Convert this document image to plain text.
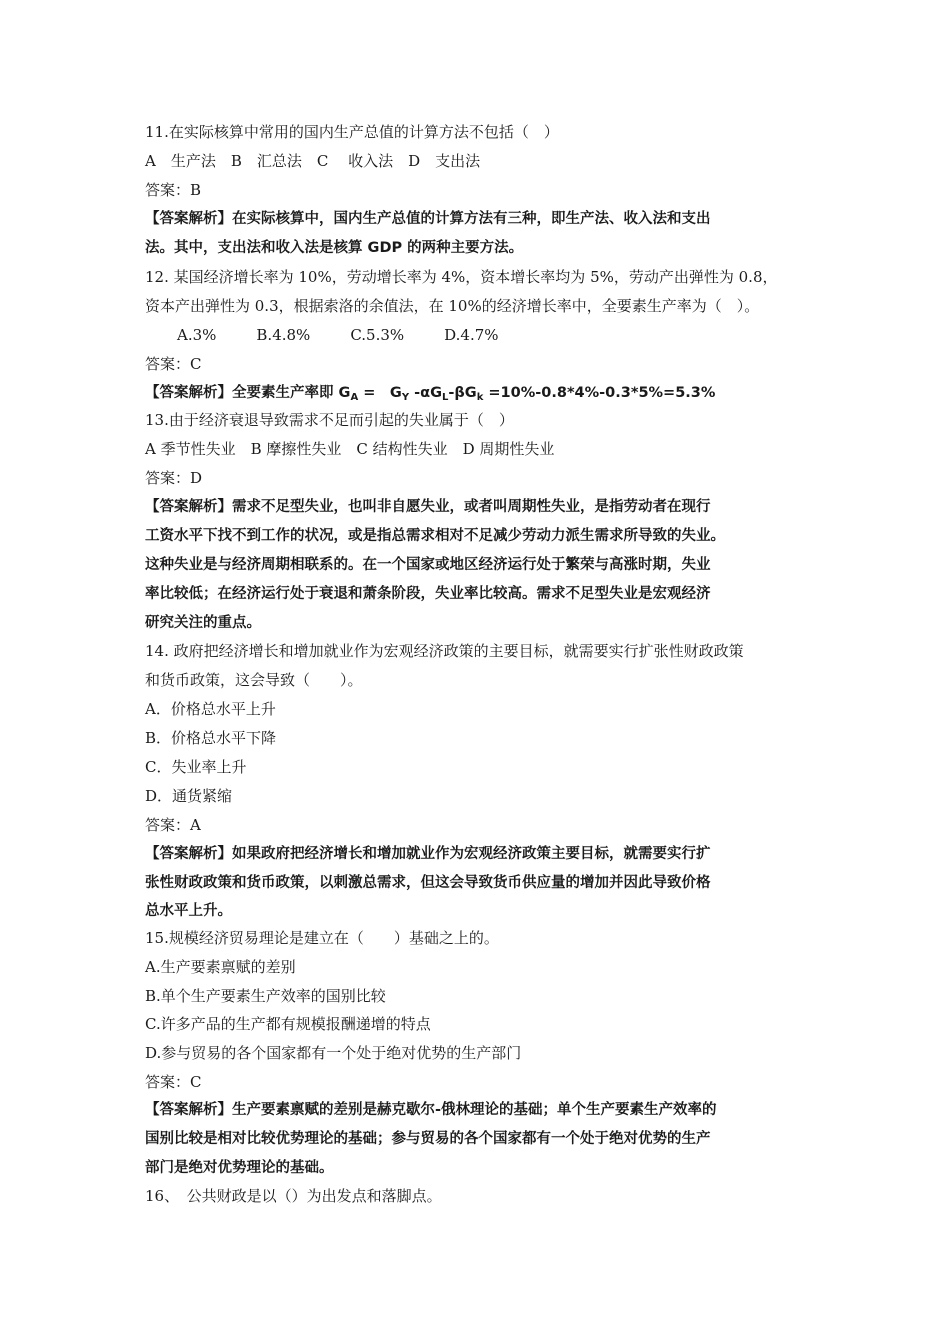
11.在实际核算中常用的国内生产总值的计算方法不包括（　）
A　生产法　B　汇总法　C　 收入法　D　支出法
答案：B
【答案解析】在实际核算中，国内生产总值的计算方法有三种，即生产法、收入法和支出
法。其中，支出法和收入法是核算 GDP 的两种主要方法。
12. 某国经济增长率为 10%，劳动增长率为 4%，资本增长率均为 5%，劳动产出弹性为 0.8，
资本产出弹性为 0.3，根据索洛的余值法，在 10%的经济增长率中，全要素生产率为（　）。
A.3%	B.4.8%	C.5.3%	D.4.7%
答案：C
【答案解析】全要素生产率即 $G_A$ =　$G_Y$ $-\alpha G_L-\beta G_k =10\%-0.8*4\%-0.3*5\%=5.3\%$
13.由于经济衰退导致需求不足而引起的失业属于（　）
A 季节性失业　B 摩擦性失业　C 结构性失业　D 周期性失业
答案：D
【答案解析】需求不足型失业，也叫非自愿失业，或者叫周期性失业，是指劳动者在现行
工资水平下找不到工作的状况，或是指总需求相对不足减少劳动力派生需求所导致的失业。
这种失业是与经济周期相联系的。在一个国家或地区经济运行处于繁荣与高涨时期，失业
率比较低；在经济运行处于衰退和萧条阶段，失业率比较高。需求不足型失业是宏观经济
研究关注的重点。
14. 政府把经济增长和增加就业作为宏观经济政策的主要目标，就需要实行扩张性财政政策
和货币政策，这会导致（　　）。
A．价格总水平上升
B．价格总水平下降
C．失业率上升
D．通货紧缩
答案：A
【答案解析】如果政府把经济增长和增加就业作为宏观经济政策主要目标，就需要实行扩
张性财政政策和货币政策，以刺激总需求，但这会导致货币供应量的增加并因此导致价格
总水平上升。
15.规模经济贸易理论是建立在（　　）基础之上的。
A.生产要素禀赋的差别
B.单个生产要素生产效率的国别比较
C.许多产品的生产都有规模报酬递增的特点
D.参与贸易的各个国家都有一个处于绝对优势的生产部门
答案：C
【答案解析】生产要素禀赋的差别是赫克歇尔-俄林理论的基础；单个生产要素生产效率的
国别比较是相对比较优势理论的基础；参与贸易的各个国家都有一个处于绝对优势的生产
部门是绝对优势理论的基础。
16、　公共财政是以（）为出发点和落脚点。
